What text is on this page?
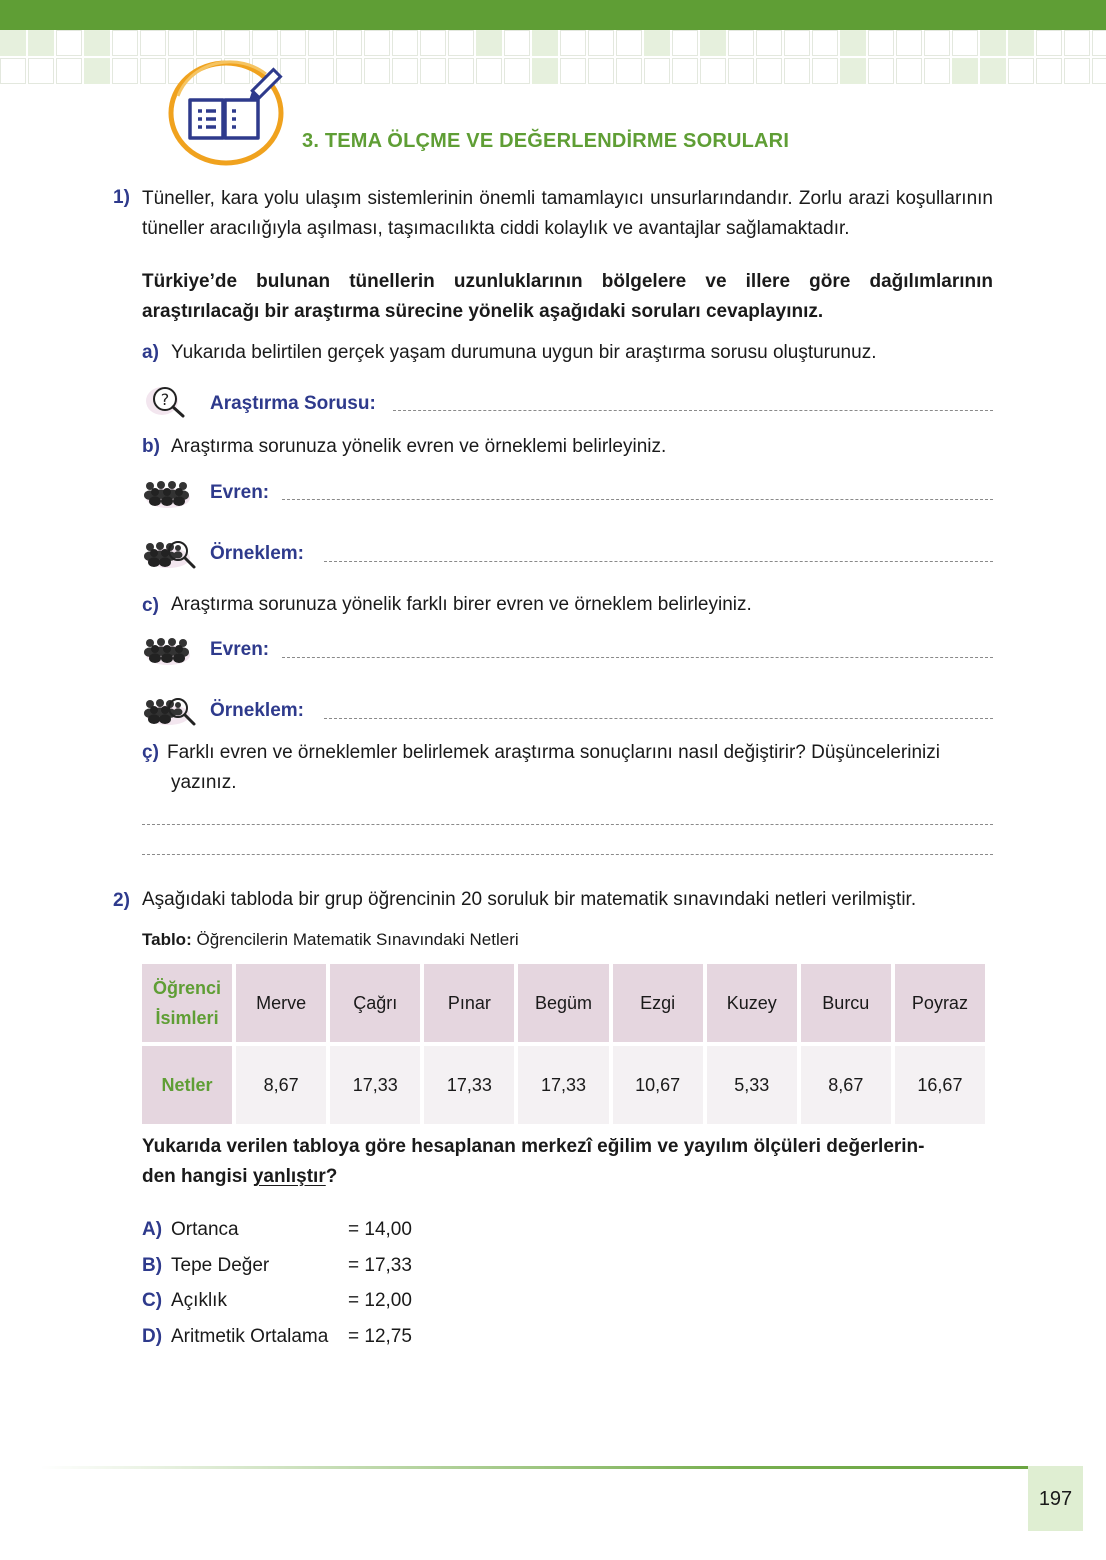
3. TEMA ÖLÇME VE DEĞERLENDİRME SORULARI
1) Tüneller, kara yolu ulaşım sistemlerinin önemli tamamlayıcı unsurlarındandır. Zorlu arazi koşullarının tüneller aracılığıyla aşılması, taşımacılıkta ciddi kolaylık ve avantajlar sağlamaktadır.
Türkiye’de bulunan tünellerin uzunluklarının bölgelere ve illere göre dağılımlarının araştırılacağı bir araştırma sürecine yönelik aşağıdaki soruları cevaplayınız.
a) Yukarıda belirtilen gerçek yaşam durumuna uygun bir araştırma sorusu oluşturunuz.
? Araştırma Sorusu:
b) Araştırma sorunuza yönelik evren ve örneklemi belirleyiniz.
Evren:
Örneklem:
c) Araştırma sorunuza yönelik farklı birer evren ve örneklem belirleyiniz.
Evren:
Örneklem:
ç) Farklı evren ve örneklemler belirlemek araştırma sonuçlarını nasıl değiştirir? Düşüncelerinizi
yazınız.
2) Aşağıdaki tabloda bir grup öğrencinin 20 soruluk bir matematik sınavındaki netleri verilmiştir.
Tablo: Öğrencilerin Matematik Sınavındaki Netleri
Öğrenci
İsimleri	Merve	Çağrı	Pınar	Begüm	Ezgi	Kuzey	Burcu	Poyraz
Netler	8,67	17,33	17,33	17,33	10,67	5,33	8,67	16,67
Yukarıda verilen tabloya göre hesaplanan merkezî eğilim ve yayılım ölçüleri değerlerin-
den hangisi yanlıştır?
A) Ortanca	= 14,00
B) Tepe Değer	= 17,33
C) Açıklık	= 12,00
D) Aritmetik Ortalama = 12,75
197
